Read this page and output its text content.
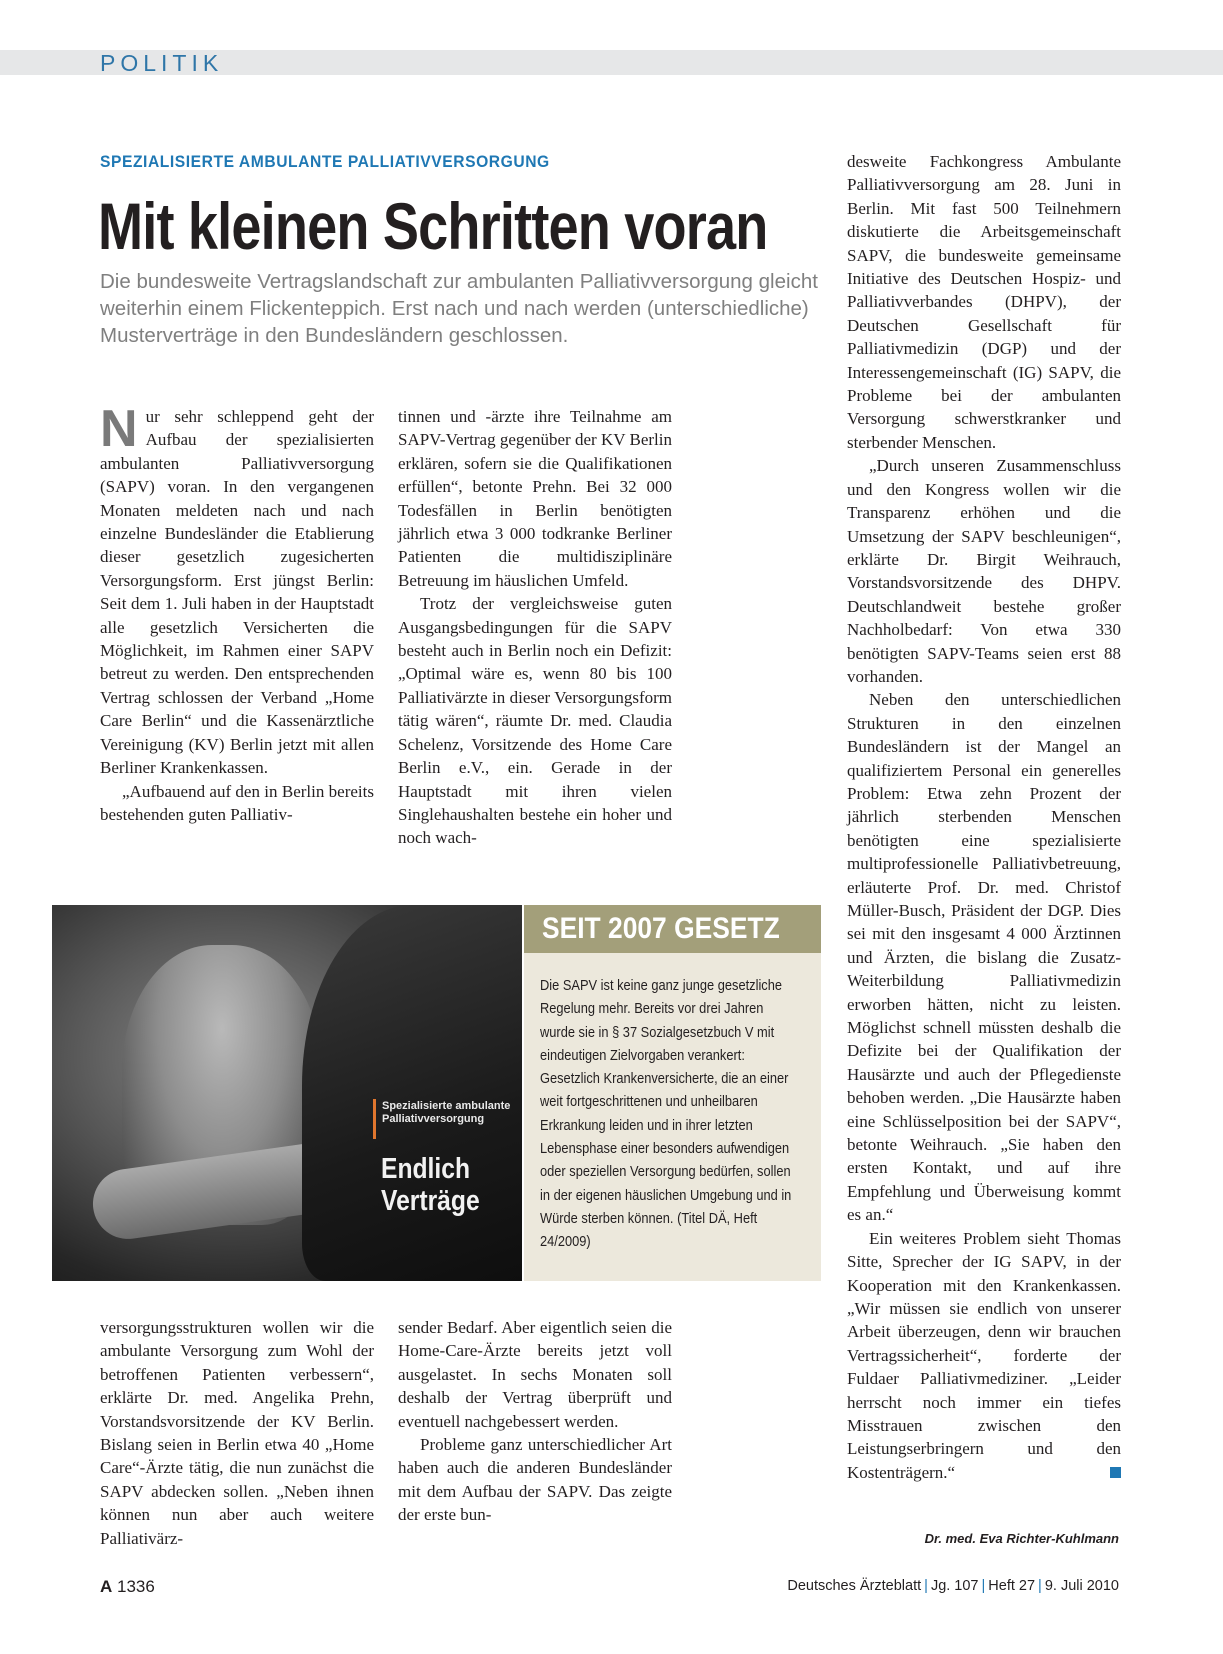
POLITIK
SPEZIALISIERTE AMBULANTE PALLIATIVVERSORGUNG
Mit kleinen Schritten voran
Die bundesweite Vertragslandschaft zur ambulanten Palliativversorgung gleicht weiterhin einem Flickenteppich. Erst nach und nach werden (unterschiedliche) Musterverträge in den Bundesländern geschlossen.

Nur sehr schleppend geht der Aufbau der spezialisierten ambulanten Palliativversorgung (SAPV) voran. In den vergangenen Monaten meldeten nach und nach einzelne Bundesländer die Etablierung dieser gesetzlich zugesicherten Versorgungsform. Erst jüngst Berlin: Seit dem 1. Juli haben in der Hauptstadt alle gesetzlich Versicherten die Möglichkeit, im Rahmen einer SAPV betreut zu werden. Den entsprechenden Vertrag schlossen der Verband „Home Care Berlin“ und die Kassenärztliche Vereinigung (KV) Berlin jetzt mit allen Berliner Krankenkassen.

„Aufbauend auf den in Berlin bereits bestehenden guten Palliativ-

tinnen und -ärzte ihre Teilnahme am SAPV-Vertrag gegenüber der KV Berlin erklären, sofern sie die Qualifikationen erfüllen“, betonte Prehn. Bei 32 000 Todesfällen in Berlin benötigten jährlich etwa 3 000 todkranke Berliner Patienten die multidisziplinäre Betreuung im häuslichen Umfeld.

Trotz der vergleichsweise guten Ausgangsbedingungen für die SAPV besteht auch in Berlin noch ein Defizit: „Optimal wäre es, wenn 80 bis 100 Palliativärzte in dieser Versorgungsform tätig wären“, räumte Dr. med. Claudia Schelenz, Vorsitzende des Home Care Berlin e.V., ein. Gerade in der Hauptstadt mit ihren vielen Singlehaushalten bestehe ein hoher und noch wach-

Spezialisierte ambulante Palliativversorgung
Endlich Verträge
SEIT 2007 GESETZ
Die SAPV ist keine ganz junge gesetzliche Regelung mehr. Bereits vor drei Jahren wurde sie in § 37 Sozialgesetzbuch V mit eindeutigen Zielvorgaben verankert: Gesetzlich Krankenversicherte, die an einer weit fortgeschrittenen und unheilbaren Erkrankung leiden und in ihrer letzten Lebensphase einer besonders aufwendigen oder speziellen Versorgung bedürfen, sollen in der eigenen häuslichen Umgebung und in Würde sterben können. (Titel DÄ, Heft 24/2009)

versorgungsstrukturen wollen wir die ambulante Versorgung zum Wohl der betroffenen Patienten verbessern“, erklärte Dr. med. Angelika Prehn, Vorstandsvorsitzende der KV Berlin. Bislang seien in Berlin etwa 40 „Home Care“-Ärzte tätig, die nun zunächst die SAPV abdecken sollen. „Neben ihnen können nun aber auch weitere Palliativärz-

sender Bedarf. Aber eigentlich seien die Home-Care-Ärzte bereits jetzt voll ausgelastet. In sechs Monaten soll deshalb der Vertrag überprüft und eventuell nachgebessert werden.

Probleme ganz unterschiedlicher Art haben auch die anderen Bundesländer mit dem Aufbau der SAPV. Das zeigte der erste bun-

desweite Fachkongress Ambulante Palliativversorgung am 28. Juni in Berlin. Mit fast 500 Teilnehmern diskutierte die Arbeitsgemeinschaft SAPV, die bundesweite gemeinsame Initiative des Deutschen Hospiz- und Palliativverbandes (DHPV), der Deutschen Gesellschaft für Palliativmedizin (DGP) und der Interessengemeinschaft (IG) SAPV, die Probleme bei der ambulanten Versorgung schwerstkranker und sterbender Menschen.

„Durch unseren Zusammenschluss und den Kongress wollen wir die Transparenz erhöhen und die Umsetzung der SAPV beschleunigen“, erklärte Dr. Birgit Weihrauch, Vorstandsvorsitzende des DHPV. Deutschlandweit bestehe großer Nachholbedarf: Von etwa 330 benötigten SAPV-Teams seien erst 88 vorhanden.

Neben den unterschiedlichen Strukturen in den einzelnen Bundesländern ist der Mangel an qualifiziertem Personal ein generelles Problem: Etwa zehn Prozent der jährlich sterbenden Menschen benötigten eine spezialisierte multiprofessionelle Palliativbetreuung, erläuterte Prof. Dr. med. Christof Müller-Busch, Präsident der DGP. Dies sei mit den insgesamt 4 000 Ärztinnen und Ärzten, die bislang die Zusatz-Weiterbildung Palliativmedizin erworben hätten, nicht zu leisten. Möglichst schnell müssten deshalb die Defizite bei der Qualifikation der Hausärzte und auch der Pflegedienste behoben werden. „Die Hausärzte haben eine Schlüsselposition bei der SAPV“, betonte Weihrauch. „Sie haben den ersten Kontakt, und auf ihre Empfehlung und Überweisung kommt es an.“

Ein weiteres Problem sieht Thomas Sitte, Sprecher der IG SAPV, in der Kooperation mit den Krankenkassen. „Wir müssen sie endlich von unserer Arbeit überzeugen, denn wir brauchen Vertragssicherheit“, forderte der Fuldaer Palliativmediziner. „Leider herrscht noch immer ein tiefes Misstrauen zwischen den Leistungserbringern und den Kostenträgern.“

Dr. med. Eva Richter-Kuhlmann
A 1336	Deutsches Ärzteblatt | Jg. 107 | Heft 27 | 9. Juli 2010
